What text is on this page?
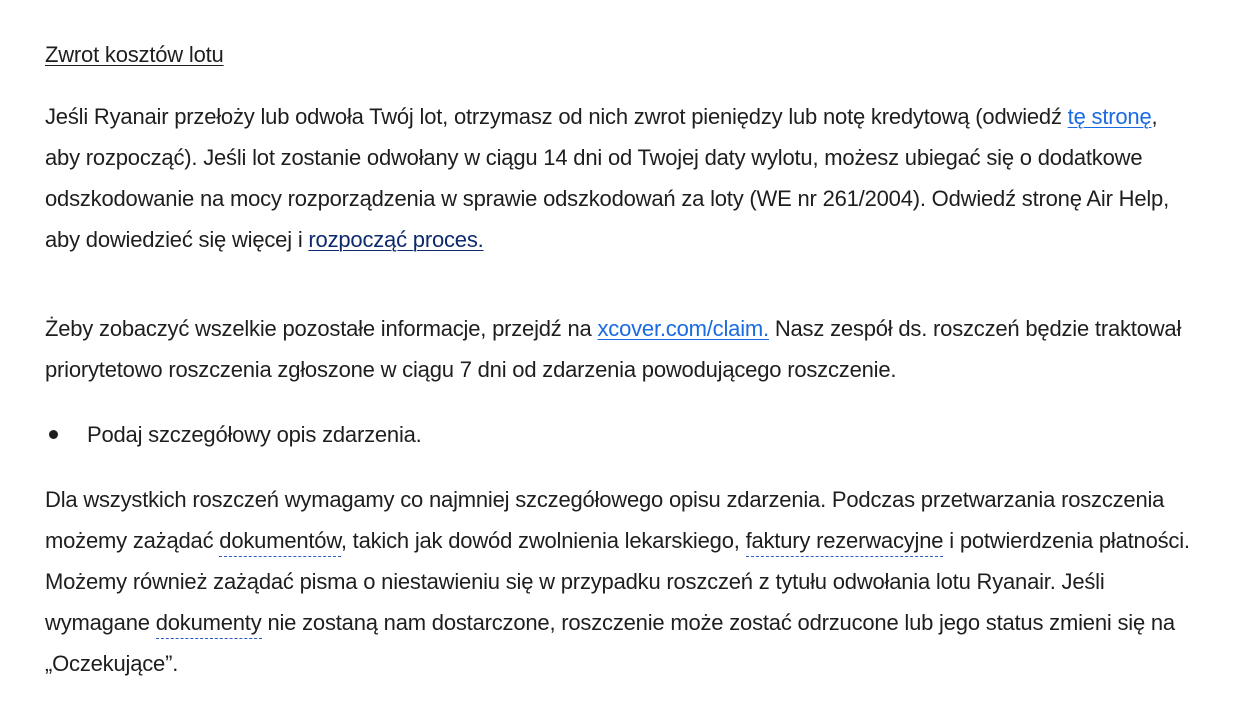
Zwrot kosztów lotu

Jeśli Ryanair przełoży lub odwoła Twój lot, otrzymasz od nich zwrot pieniędzy lub notę kredytową (odwiedź tę stronę, aby rozpocząć). Jeśli lot zostanie odwołany w ciągu 14 dni od Twojej daty wylotu, możesz ubiegać się o dodatkowe odszkodowanie na mocy rozporządzenia w sprawie odszkodowań za loty (WE nr 261/2004). Odwiedź stronę Air Help, aby dowiedzieć się więcej i rozpocząć proces.

Żeby zobaczyć wszelkie pozostałe informacje, przejdź na xcover.com/claim. Nasz zespół ds. roszczeń będzie traktował priorytetowo roszczenia zgłoszone w ciągu 7 dni od zdarzenia powodującego roszczenie.

Podaj szczegółowy opis zdarzenia.

Dla wszystkich roszczeń wymagamy co najmniej szczegółowego opisu zdarzenia. Podczas przetwarzania roszczenia możemy zażądać dokumentów, takich jak dowód zwolnienia lekarskiego, faktury rezerwacyjne i potwierdzenia płatności. Możemy również zażądać pisma o niestawieniu się w przypadku roszczeń z tytułu odwołania lotu Ryanair. Jeśli wymagane dokumenty nie zostaną nam dostarczone, roszczenie może zostać odrzucone lub jego status zmieni się na „Oczekujące”.
